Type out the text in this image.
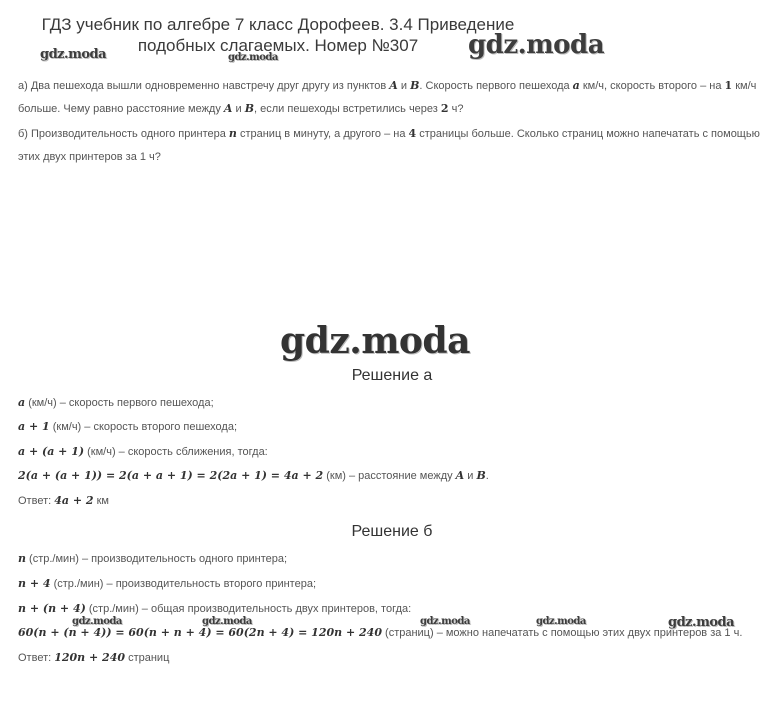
ГДЗ учебник по алгебре 7 класс Дорофеев. 3.4 Приведение
подобных слагаемых. Номер №307
gdz.moda	gdz.moda	gdz.moda
а) Два пешехода вышли одновременно навстречу друг другу из пунктов A и B. Скорость первого пешехода a км/ч, скорость второго – на 1 км/ч
больше. Чему равно расстояние между A и B, если пешеходы встретились через 2 ч?
б) Производительность одного принтера n страниц в минуту, а другого – на 4 страницы больше. Сколько страниц можно напечатать с помощью
этих двух принтеров за 1 ч?
gdz.moda
Решение а
a (км/ч) – скорость первого пешехода;
a + 1 (км/ч) – скорость второго пешехода;
a + (a + 1) (км/ч) – скорость сближения, тогда:
2(a + (a + 1)) = 2(a + a + 1) = 2(2a + 1) = 4a + 2 (км) – расстояние между A и B.
Ответ: 4a + 2 км
Решение б
n (стр./мин) – производительность одного принтера;
n + 4 (стр./мин) – производительность второго принтера;
n + (n + 4) (стр./мин) – общая производительность двух принтеров, тогда:
gdz.moda	gdz.moda	gdz.moda	gdz.moda	gdz.moda
60(n + (n + 4)) = 60(n + n + 4) = 60(2n + 4) = 120n + 240 (страниц) – можно напечатать с помощью этих двух принтеров за 1 ч.
Ответ: 120n + 240 страниц
